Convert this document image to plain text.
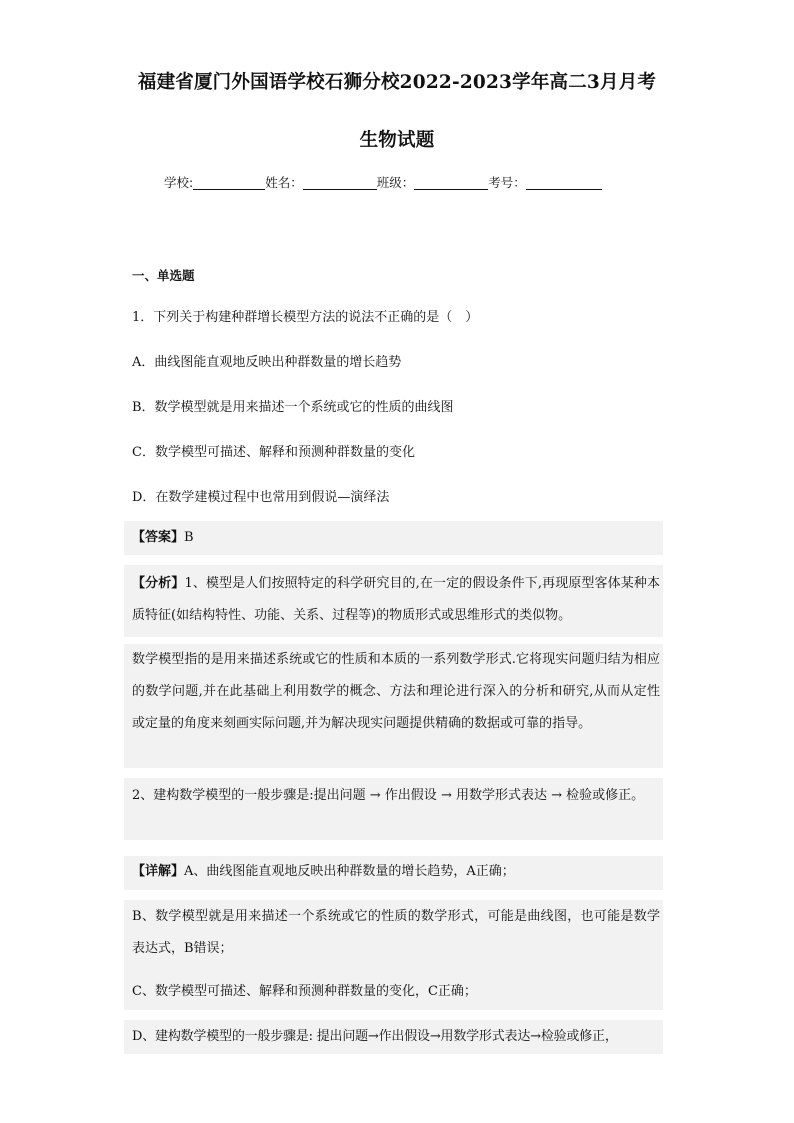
福建省厦门外国语学校石狮分校2022-2023学年高二3月月考
生物试题
学校:	姓名：	班级：	考号：
一、单选题
1．下列关于构建种群增长模型方法的说法不正确的是（　）
A．曲线图能直观地反映出种群数量的增长趋势
B．数学模型就是用来描述一个系统或它的性质的曲线图
C．数学模型可描述、解释和预测种群数量的变化
D．在数学建模过程中也常用到假说—演绎法
【答案】B
【分析】1、模型是人们按照特定的科学研究目的,在一定的假设条件下,再现原型客体某种本质特征(如结构特性、功能、关系、过程等)的物质形式或思维形式的类似物。
数学模型指的是用来描述系统或它的性质和本质的一系列数学形式.它将现实问题归结为相应的数学问题,并在此基础上利用数学的概念、方法和理论进行深入的分析和研究,从而从定性或定量的角度来刻画实际问题,并为解决现实问题提供精确的数据或可靠的指导。
2、建构数学模型的一般步骤是:提出问题 → 作出假设 → 用数学形式表达 → 检验或修正。
【详解】A、曲线图能直观地反映出种群数量的增长趋势，A正确；
B、数学模型就是用来描述一个系统或它的性质的数学形式，可能是曲线图，也可能是数学表达式，B错误；
C、数学模型可描述、解释和预测种群数量的变化，C正确；
D、建构数学模型的一般步骤是: 提出问题→作出假设→用数学形式表达→检验或修正，
